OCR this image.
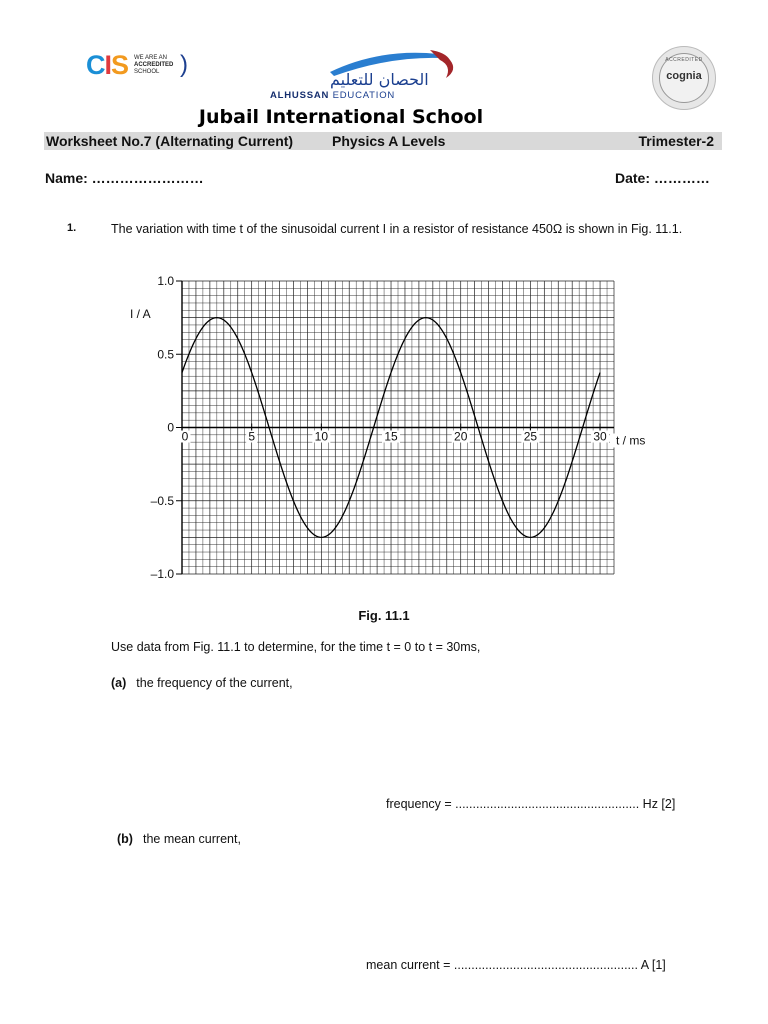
CIS WE ARE AN
ACCREDITED
SCHOOL )
الحصان للتعليم
ALHUSSAN EDUCATION
Jubail International School
ACCREDITED
cognia
Worksheet No.7 (Alternating Current)	Physics A Levels	Trimester-2
Name: ……………………	Date: …………
1.	The variation with time t of the sinusoidal current I in a resistor of resistance 450Ω is shown in Fig. 11.1.
1.0
0.5
0
–0.5
–1.0
0	5	10	15	20	25	30 t / ms
I / A
Fig. 11.1
Use data from Fig. 11.1 to determine, for the time t = 0 to t = 30ms,
(a) the frequency of the current,
frequency = ..................................................... Hz [2]
(b) the mean current,
mean current = ..................................................... A [1]
